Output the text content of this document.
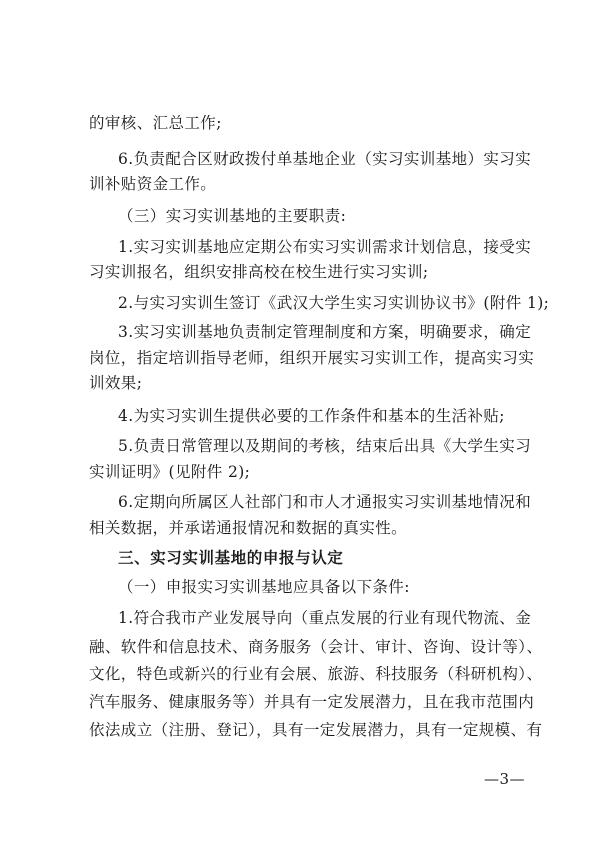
的审核、汇总工作;
6.负责配合区财政拨付单基地企业（实习实训基地）实习实
训补贴资金工作。
（三）实习实训基地的主要职责:
1.实习实训基地应定期公布实习实训需求计划信息，接受实
习实训报名，组织安排高校在校生进行实习实训;
2.与实习实训生签订《武汉大学生实习实训协议书》(附件 1);
3.实习实训基地负责制定管理制度和方案，明确要求，确定
岗位，指定培训指导老师，组织开展实习实训工作，提高实习实
训效果;
4.为实习实训生提供必要的工作条件和基本的生活补贴;
5.负责日常管理以及期间的考核，结束后出具《大学生实习
实训证明》(见附件 2);
6.定期向所属区人社部门和市人才通报实习实训基地情况和
相关数据，并承诺通报情况和数据的真实性。
三、实习实训基地的申报与认定
（一）申报实习实训基地应具备以下条件:
1.符合我市产业发展导向（重点发展的行业有现代物流、金
融、软件和信息技术、商务服务（会计、审计、咨询、设计等）、
文化，特色或新兴的行业有会展、旅游、科技服务（科研机构）、
汽车服务、健康服务等）并具有一定发展潜力，且在我市范围内
依法成立（注册、登记），具有一定发展潜力，具有一定规模、有
—3—
